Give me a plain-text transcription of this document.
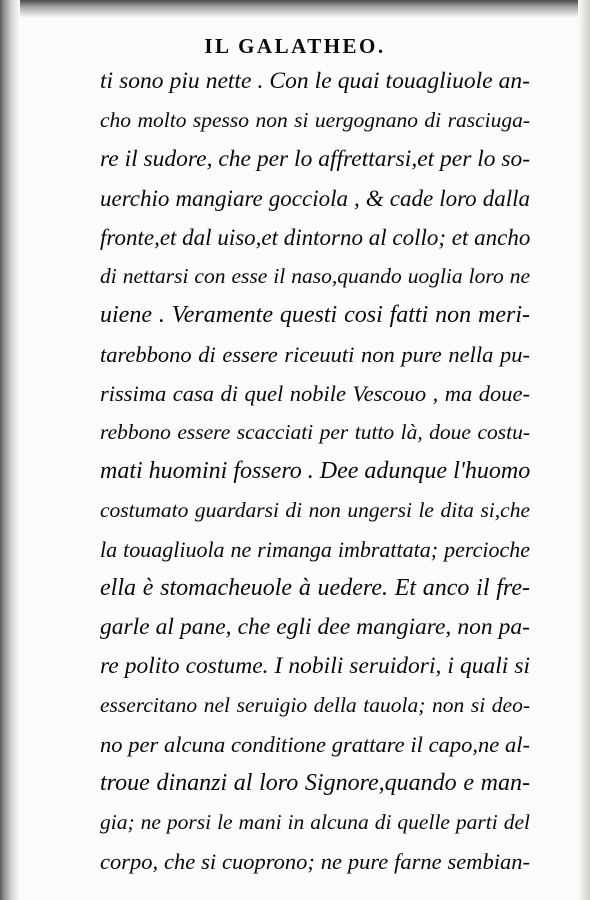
IL GALATHEO.
ti sono piu nette . Con le quai touagliuole an-
cho molto spesso non si uergognano di rasciuga-
re il sudore, che per lo affrettarsi,et per lo so-
uerchio mangiare gocciola , & cade loro dalla
fronte,et dal uiso,et dintorno al collo; et ancho
di nettarsi con esse il naso,quando uoglia loro ne
uiene . Veramente questi cosi fatti non meri-
tarebbono di essere riceuuti non pure nella pu-
rissima casa di quel nobile Vescouo , ma doue-
rebbono essere scacciati per tutto là, doue costu-
mati huomini fossero . Dee adunque l'huomo
costumato guardarsi di non ungersi le dita si,che
la touagliuola ne rimanga imbrattata; percioche
ella è stomacheuole à uedere. Et anco il fre-
garle al pane, che egli dee mangiare, non pa-
re polito costume. I nobili seruidori, i quali si
essercitano nel seruigio della tauola; non si deo-
no per alcuna conditione grattare il capo,ne al-
troue dinanzi al loro Signore,quando e man-
gia; ne porsi le mani in alcuna di quelle parti del
corpo, che si cuoprono; ne pure farne sembian-
